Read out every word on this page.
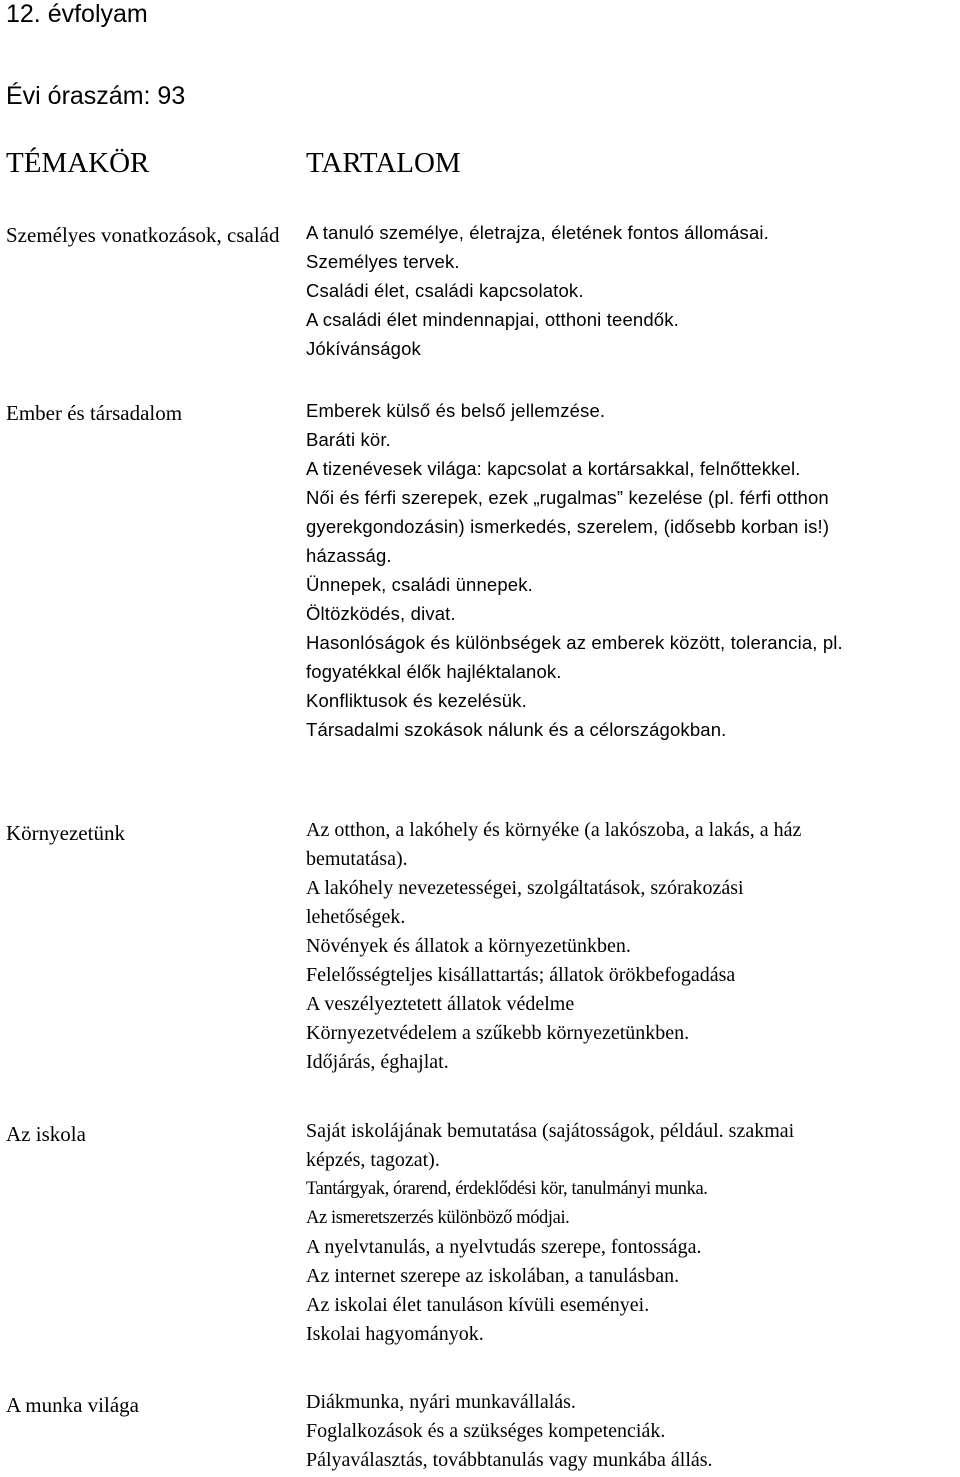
12. évfolyam
Évi óraszám: 93
TÉMAKÖR	TARTALOM
Személyes vonatkozások, család	A tanuló személye, életrajza, életének fontos állomásai.
Személyes tervek.
Családi élet, családi kapcsolatok.
A családi élet mindennapjai, otthoni teendők.
Jókívánságok
Ember és társadalom	Emberek külső és belső jellemzése.
Baráti kör.
A tizenévesek világa: kapcsolat a kortársakkal, felnőttekkel.
Női és férfi szerepek, ezek „rugalmas” kezelése (pl. férfi otthon
gyerekgondozásin) ismerkedés, szerelem, (idősebb korban is!)
házasság.
Ünnepek, családi ünnepek.
Öltözködés, divat.
Hasonlóságok és különbségek az emberek között, tolerancia, pl.
fogyatékkal élők hajléktalanok.
Konfliktusok és kezelésük.
Társadalmi szokások nálunk és a célországokban.
Környezetünk	Az otthon, a lakóhely és környéke (a lakószoba, a lakás, a ház
bemutatása).
A lakóhely nevezetességei, szolgáltatások, szórakozási
lehetőségek.
Növények és állatok a környezetünkben.
Felelősségteljes kisállattartás; állatok örökbefogadása
A veszélyeztetett állatok védelme
Környezetvédelem a szűkebb környezetünkben.
Időjárás, éghajlat.
Az iskola	Saját iskolájának bemutatása (sajátosságok, például. szakmai
képzés, tagozat).
Tantárgyak, órarend, érdeklődési kör, tanulmányi munka.
Az ismeretszerzés különböző módjai.
A nyelvtanulás, a nyelvtudás szerepe, fontossága.
Az internet szerepe az iskolában, a tanulásban.
Az iskolai élet tanuláson kívüli eseményei.
Iskolai hagyományok.
A munka világa	Diákmunka, nyári munkavállalás.
Foglalkozások és a szükséges kompetenciák.
Pályaválasztás, továbbtanulás vagy munkába állás.
